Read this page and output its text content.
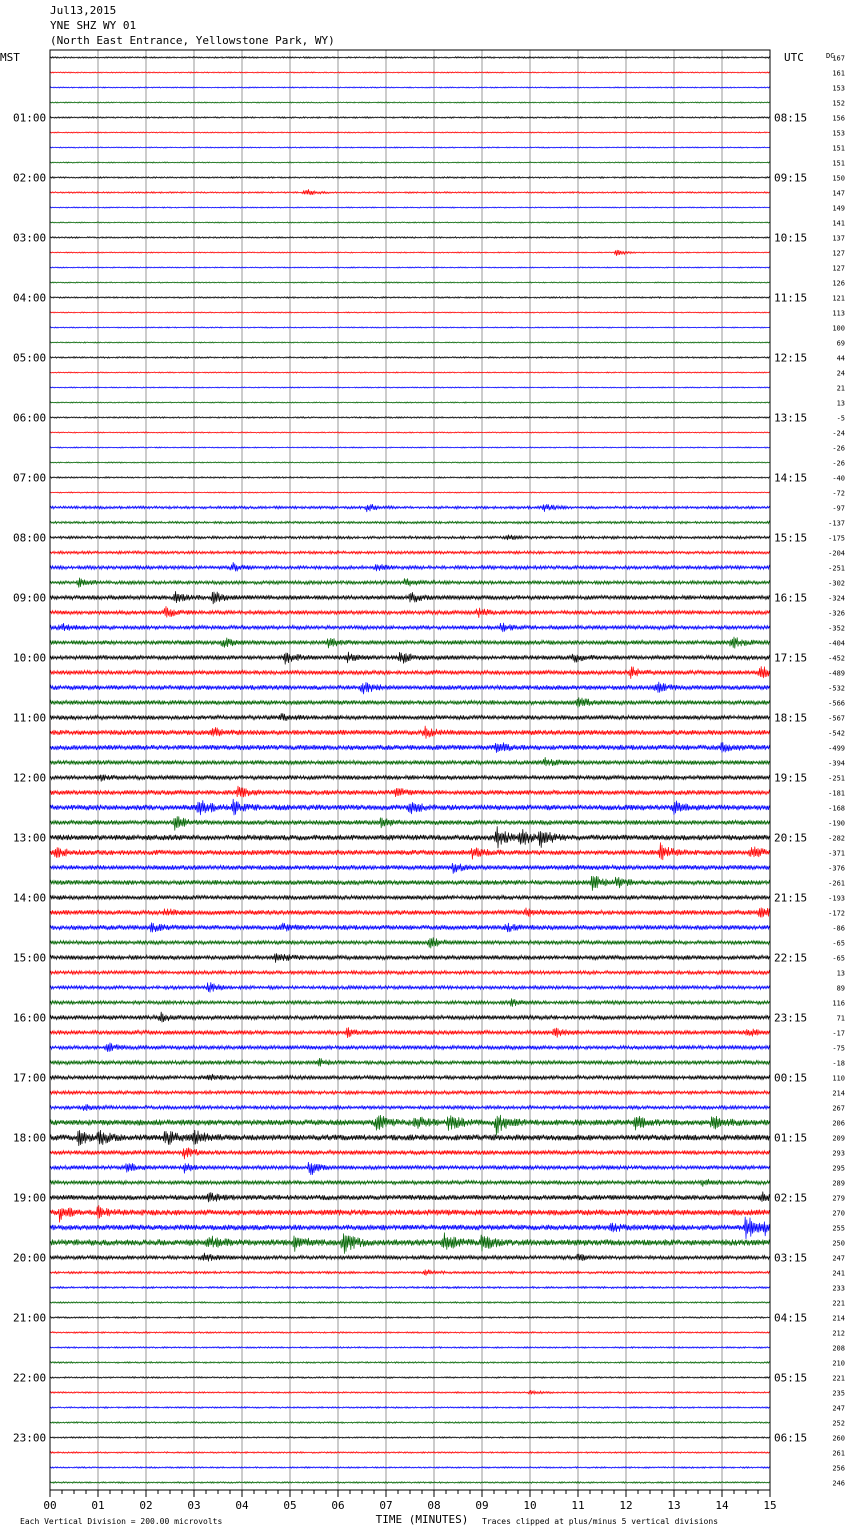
Jul13,2015
YNE SHZ WY 01
(North East Entrance, Yellowstone Park, WY)
MST	UTC	DC
01:00
02:00
03:00
04:00
05:00
06:00
07:00
08:00
09:00
10:00
11:00
12:00
13:00
14:00
15:00
16:00
17:00
18:00
19:00
20:00
21:00
22:00
23:00
08:15
09:15
10:15
11:15
12:15
13:15
14:15
15:15
16:15
17:15
18:15
19:15
20:15
21:15
22:15
23:15
00:15
01:15
02:15
03:15
04:15
05:15
06:15
167
161
153
152
156
153
151
151
150
147
149
141
137
127
127
126
121
113
100
69
44
24
21
13
-5
-24
-26
-26
-40
-72
-97
-137
-175
-204
-251
-302
-324
-326
-352
-404
-452
-489
-532
-566
-567
-542
-499
-394
-251
-181
-168
-190
-282
-371
-376
-261
-193
-172
-86
-65
-65
13
89
116
71
-17
-75
-18
110
214
267
206
209
293
295
289
279
270
255
250
247
241
233
221
214
212
208
210
221
235
247
252
260
261
256
246
00	01	02	03	04	05	06	07	08	09	10	11	12	13	14	15
TIME (MINUTES)
Each Vertical Division = 200.00 microvolts	Traces clipped at plus/minus 5 vertical divisions
